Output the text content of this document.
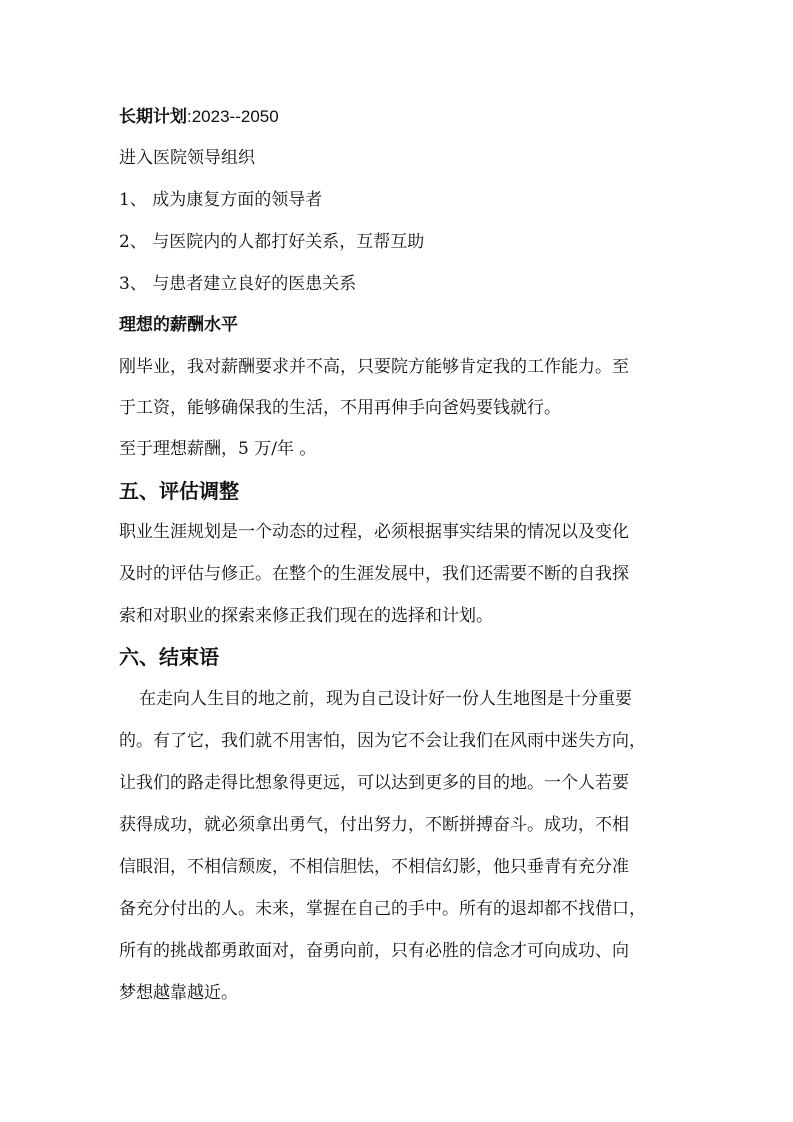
长期计划:2023--2050
进入医院领导组织
1、 成为康复方面的领导者
2、 与医院内的人都打好关系，互帮互助
3、 与患者建立良好的医患关系
理想的薪酬水平
刚毕业，我对薪酬要求并不高，只要院方能够肯定我的工作能力。至
于工资，能够确保我的生活，不用再伸手向爸妈要钱就行。
至于理想薪酬，5 万/年 。
五、评估调整
职业生涯规划是一个动态的过程，必须根据事实结果的情况以及变化
及时的评估与修正。在整个的生涯发展中，我们还需要不断的自我探
索和对职业的探索来修正我们现在的选择和计划。
六、结束语
在走向人生目的地之前，现为自己设计好一份人生地图是十分重要
的。有了它，我们就不用害怕，因为它不会让我们在风雨中迷失方向，
让我们的路走得比想象得更远，可以达到更多的目的地。一个人若要
获得成功，就必须拿出勇气，付出努力，不断拼搏奋斗。成功，不相
信眼泪，不相信颓废，不相信胆怯，不相信幻影，他只垂青有充分准
备充分付出的人。未来，掌握在自己的手中。所有的退却都不找借口，
所有的挑战都勇敢面对，奋勇向前，只有必胜的信念才可向成功、向
梦想越靠越近。
